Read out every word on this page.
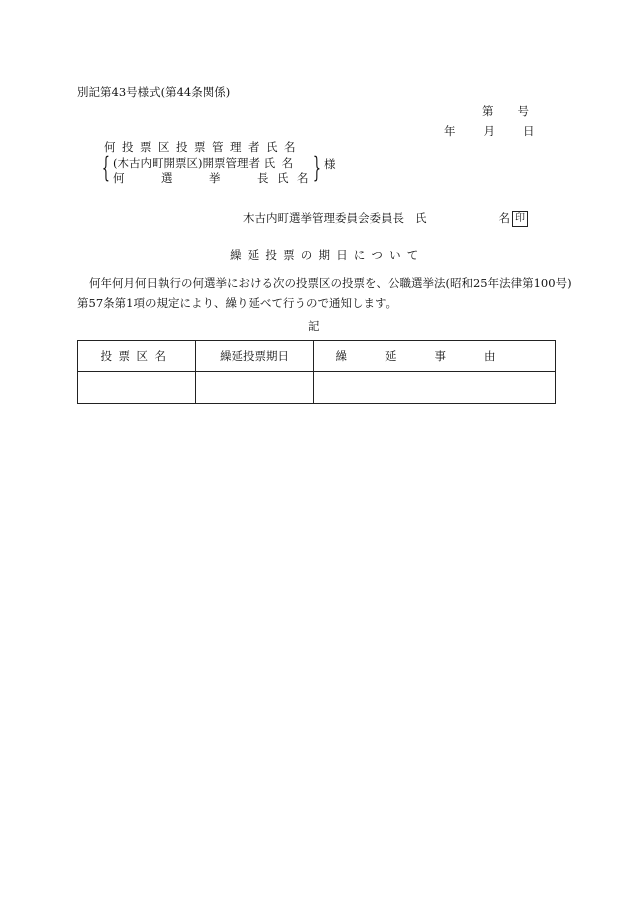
別記第43号様式(第44条関係)
第 号
年 月 日
何投票区投票管理者氏名
{	}
(木古内町開票区)開票管理者 氏名
何	選	挙	長 氏 名
様
木古内町選挙管理委員会委員長 氏	名 印
繰延投票の期日について
何年何月何日執行の何選挙における次の投票区の投票を、公職選挙法(昭和25年法律第100号)第57条第1項の規定により、繰り延べて行うので通知します。
記
投票区名	繰延投票期日	繰延事由
